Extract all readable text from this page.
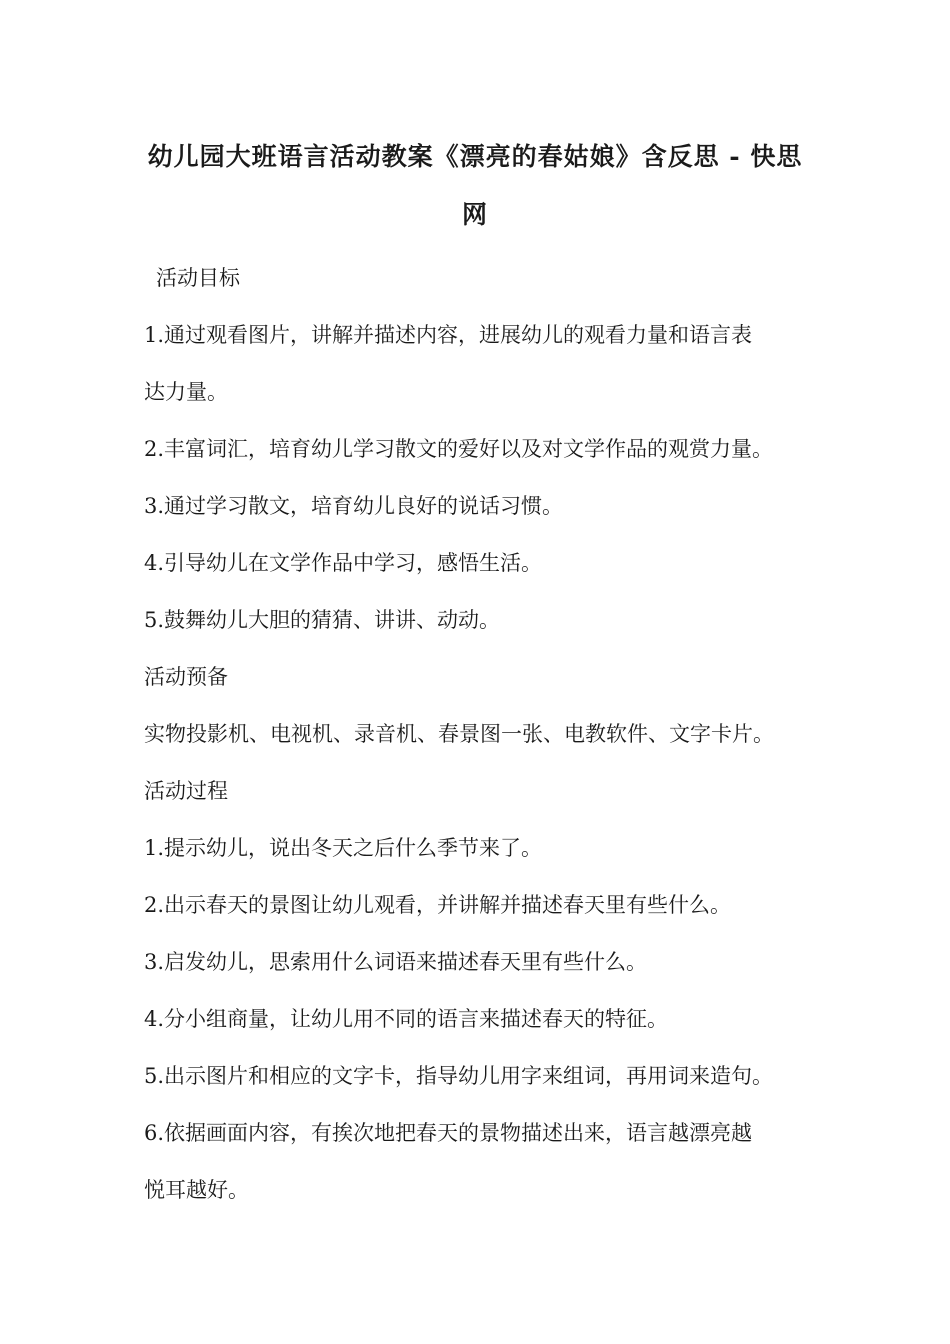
幼儿园大班语言活动教案《漂亮的春姑娘》含反思 - 快思
网
活动目标
1.通过观看图片，讲解并描述内容，进展幼儿的观看力量和语言表
达力量。
2.丰富词汇，培育幼儿学习散文的爱好以及对文学作品的观赏力量。
3.通过学习散文，培育幼儿良好的说话习惯。
4.引导幼儿在文学作品中学习，感悟生活。
5.鼓舞幼儿大胆的猜猜、讲讲、动动。
活动预备
实物投影机、电视机、录音机、春景图一张、电教软件、文字卡片。
活动过程
1.提示幼儿，说出冬天之后什么季节来了。
2.出示春天的景图让幼儿观看，并讲解并描述春天里有些什么。
3.启发幼儿，思索用什么词语来描述春天里有些什么。
4.分小组商量，让幼儿用不同的语言来描述春天的特征。
5.出示图片和相应的文字卡，指导幼儿用字来组词，再用词来造句。
6.依据画面内容，有挨次地把春天的景物描述出来，语言越漂亮越
悦耳越好。
